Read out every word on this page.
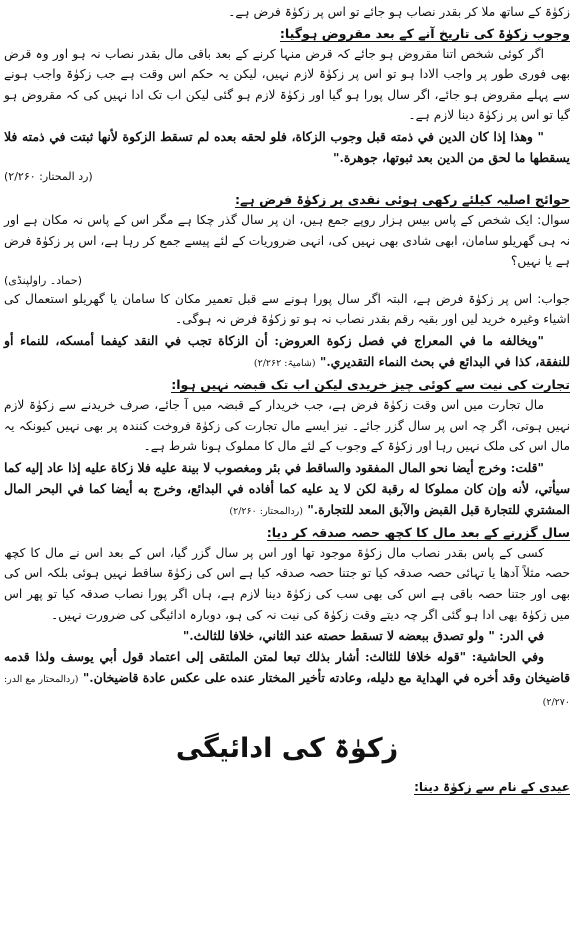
زکوٰۃ کے ساتھ ملا کر بقدر نصاب ہو جائے تو اس پر زکوٰۃ فرض ہے۔

وجوبِ زکوٰۃ کی تاریخ آنے کے بعد مقروض ہوگیا:

اگر کوئی شخص اتنا مقروض ہو جائے کہ قرض منہا کرنے کے بعد باقی مال بقدر نصاب نہ ہو اور وہ قرض بھی فوری طور پر واجب الادا ہو تو اس پر زکوٰۃ لازم نہیں، لیکن یہ حکم اس وقت ہے جب زکوٰۃ واجب ہونے سے پہلے مقروض ہو جائے، اگر سال پورا ہو گیا اور زکوٰۃ لازم ہو گئی لیکن اب تک ادا نہیں کی کہ مقروض ہو گیا تو اس پر زکوٰۃ دینا لازم ہے۔

" وهذا إذا كان الدين في ذمته قبل وجوب الزكاة، فلو لحقه بعده لم تسقط الزكوة لأنها ثبتت في ذمته فلا يسقطها ما لحق من الدين بعد ثبوتها، جوهرة."

(رد المحتار: ۲/۲۶۰)

حوائج اصلیہ کیلئے رکھی ہوئی نقدی پر زکوٰۃ فرض ہے:

سوال: ایک شخص کے پاس بیس ہزار روپے جمع ہیں، ان پر سال گذر چکا ہے مگر اس کے پاس نہ مکان ہے اور نہ ہی گھریلو سامان، ابھی شادی بھی نہیں کی، انہی ضروریات کے لئے پیسے جمع کر رہا ہے، اس پر زکوٰۃ فرض ہے یا نہیں؟

(حماد۔ راولپنڈی)

جواب: اس پر زکوٰۃ فرض ہے، البتہ اگر سال پورا ہونے سے قبل تعمیر مکان کا سامان یا گھریلو استعمال کی اشیاء وغیرہ خرید لیں اور بقیہ رقم بقدر نصاب نہ ہو تو زکوٰۃ فرض نہ ہوگی۔

"ويخالفه ما في المعراج في فصل زكوة العروض: أن الزكاة تجب في النقد كيفما أمسكه، للنماء أو للنفقة، كذا في البدائع في بحث النماء التقديري." (شامیۃ: ۲/۲۶۲)

تجارت کی نیت سے کوئی چیز خریدی لیکن اب تک قبضہ نہیں ہوا:

مال تجارت میں اس وقت زکوٰۃ فرض ہے، جب خریدار کے قبضہ میں آ جائے، صرف خریدنے سے زکوٰۃ لازم نہیں ہوتی، اگر چہ اس پر سال گزر جائے۔ نیز ایسے مال تجارت کی زکوٰۃ فروخت کنندہ پر بھی نہیں کیونکہ یہ مال اس کی ملک نہیں رہا اور زکوٰۃ کے وجوب کے لئے مال کا مملوک ہونا شرط ہے۔

"قلت: وخرج أيضا نحو المال المفقود والساقط في بئر ومغصوب لا بينة عليه فلا زكاة عليه إذا عاد إليه كما سيأتي، لأنه وإن كان مملوكا له رقبة لكن لا يد عليه كما أفاده في البدائع، وخرج به أيضا كما في البحر المال المشتري للتجارة قبل القبض والآبق المعد للتجارة." (ردالمحتار: ۲/۲۶۰)

سال گزرنے کے بعد مال کا کچھ حصہ صدقہ کر دیا:

کسی کے پاس بقدر نصاب مال زکوٰۃ موجود تھا اور اس پر سال گزر گیا، اس کے بعد اس نے مال کا کچھ حصہ مثلاً آدھا یا تہائی حصہ صدقہ کیا تو جتنا حصہ صدقہ کیا ہے اس کی زکوٰۃ ساقط نہیں ہوئی بلکہ اس کی بھی اور جتنا حصہ باقی ہے اس کی بھی سب کی زکوٰۃ دینا لازم ہے، ہاں اگر پورا نصاب صدقہ کیا تو پھر اس میں زکوٰۃ بھی ادا ہو گئی اگر چہ دیتے وقت زکوٰۃ کی نیت نہ کی ہو، دوبارہ ادائیگی کی ضرورت نہیں۔

في الدر: " ولو تصدق ببعضه لا تسقط حصته عند الثاني، خلافا للثالث."

وفي الحاشية: "قوله خلافا للثالث: أشار بذلك تبعا لمتن الملتقى إلى اعتماد قول أبي يوسف ولذا قدمه قاضيخان وقد أخره في الهداية مع دليله، وعادته تأخير المختار عنده على عكس عادة قاضيخان." (ردالمحتار مع الدر: ۲/۲۷۰)

زکوٰۃ کی ادائیگی

عیدی کے نام سے زکوٰۃ دینا:
